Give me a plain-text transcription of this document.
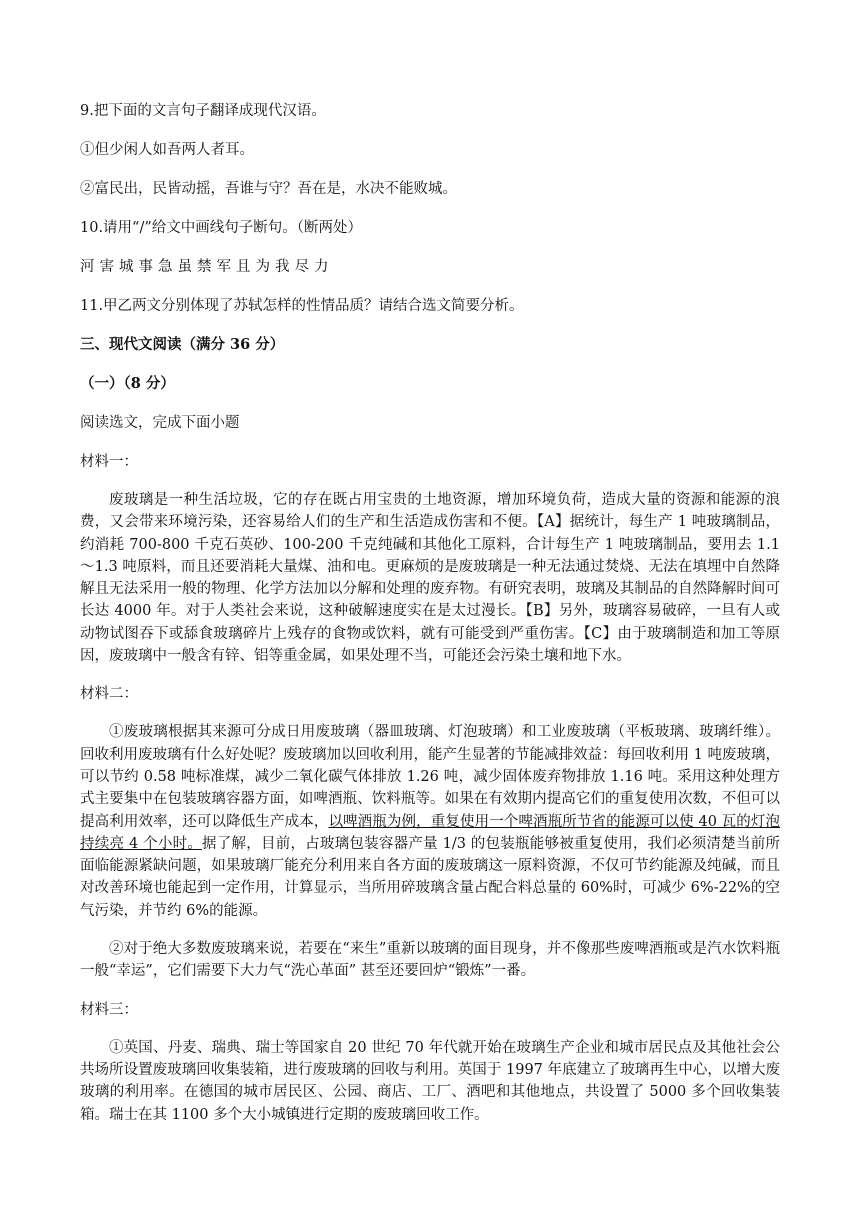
9.把下面的文言句子翻译成现代汉语。

①但少闲人如吾两人者耳。

②富民出，民皆动摇，吾谁与守？吾在是，水决不能败城。

10.请用“/”给文中画线句子断句。（断两处）

河害城事急虽禁军且为我尽力

11.甲乙两文分别体现了苏轼怎样的性情品质？请结合选文简要分析。

三、现代文阅读（满分 36 分）

（一）（8 分）

阅读选文，完成下面小题

材料一：

废玻璃是一种生活垃圾，它的存在既占用宝贵的土地资源，增加环境负荷，造成大量的资源和能源的浪费，又会带来环境污染，还容易给人们的生产和生活造成伤害和不便。【A】据统计，每生产 1 吨玻璃制品，约消耗 700-800 千克石英砂、100-200 千克纯碱和其他化工原料，合计每生产 1 吨玻璃制品，要用去 1.1～1.3 吨原料，而且还要消耗大量煤、油和电。更麻烦的是废玻璃是一种无法通过焚烧、无法在填埋中自然降解且无法采用一般的物理、化学方法加以分解和处理的废弃物。有研究表明，玻璃及其制品的自然降解时间可长达 4000 年。对于人类社会来说，这种破解速度实在是太过漫长。【B】另外，玻璃容易破碎，一旦有人或动物试图吞下或舔食玻璃碎片上残存的食物或饮料，就有可能受到严重伤害。【C】由于玻璃制造和加工等原因，废玻璃中一般含有锌、铝等重金属，如果处理不当，可能还会污染土壤和地下水。

材料二：

①废玻璃根据其来源可分成日用废玻璃（器皿玻璃、灯泡玻璃）和工业废玻璃（平板玻璃、玻璃纤维）。回收利用废玻璃有什么好处呢？废玻璃加以回收利用，能产生显著的节能减排效益：每回收利用 1 吨废玻璃，可以节约 0.58 吨标准煤，减少二氧化碳气体排放 1.26 吨，减少固体废弃物排放 1.16 吨。采用这种处理方式主要集中在包装玻璃容器方面，如啤酒瓶、饮料瓶等。如果在有效期内提高它们的重复使用次数，不但可以提高利用效率，还可以降低生产成本，以啤酒瓶为例，重复使用一个啤酒瓶所节省的能源可以使 40 瓦的灯泡持续亮 4 个小时。据了解，目前，占玻璃包装容器产量 1/3 的包装瓶能够被重复使用，我们必须清楚当前所面临能源紧缺问题，如果玻璃厂能充分利用来自各方面的废玻璃这一原料资源，不仅可节约能源及纯碱，而且对改善环境也能起到一定作用，计算显示，当所用碎玻璃含量占配合料总量的 60%时，可减少 6%-22%的空气污染，并节约 6%的能源。

②对于绝大多数废玻璃来说，若要在“来生”重新以玻璃的面目现身，并不像那些废啤酒瓶或是汽水饮料瓶一般“幸运”，它们需要下大力气“洗心革面” 甚至还要回炉“锻炼”一番。

材料三：

①英国、丹麦、瑞典、瑞士等国家自 20 世纪 70 年代就开始在玻璃生产企业和城市居民点及其他社会公共场所设置废玻璃回收集装箱，进行废玻璃的回收与利用。英国于 1997 年底建立了玻璃再生中心，以增大废玻璃的利用率。在德国的城市居民区、公园、商店、工厂、酒吧和其他地点，共设置了 5000 多个回收集装箱。瑞士在其 1100 多个大小城镇进行定期的废玻璃回收工作。
